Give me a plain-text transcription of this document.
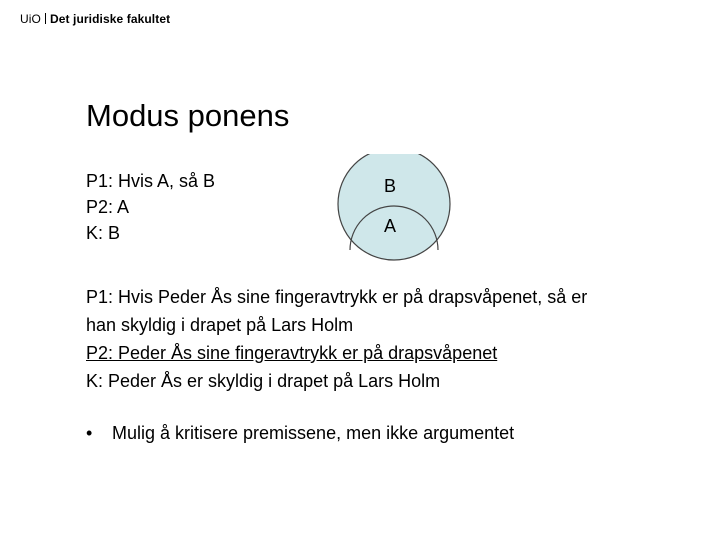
UiO Det juridiske fakultet
Modus ponens
P1: Hvis A, så B
P2: A
K: B
B
A
P1: Hvis Peder Ås sine fingeravtrykk er på drapsvåpenet, så er
han skyldig i drapet på Lars Holm
P2: Peder Ås sine fingeravtrykk er på drapsvåpenet
K: Peder Ås er skyldig i drapet på Lars Holm
• Mulig å kritisere premissene, men ikke argumentet
